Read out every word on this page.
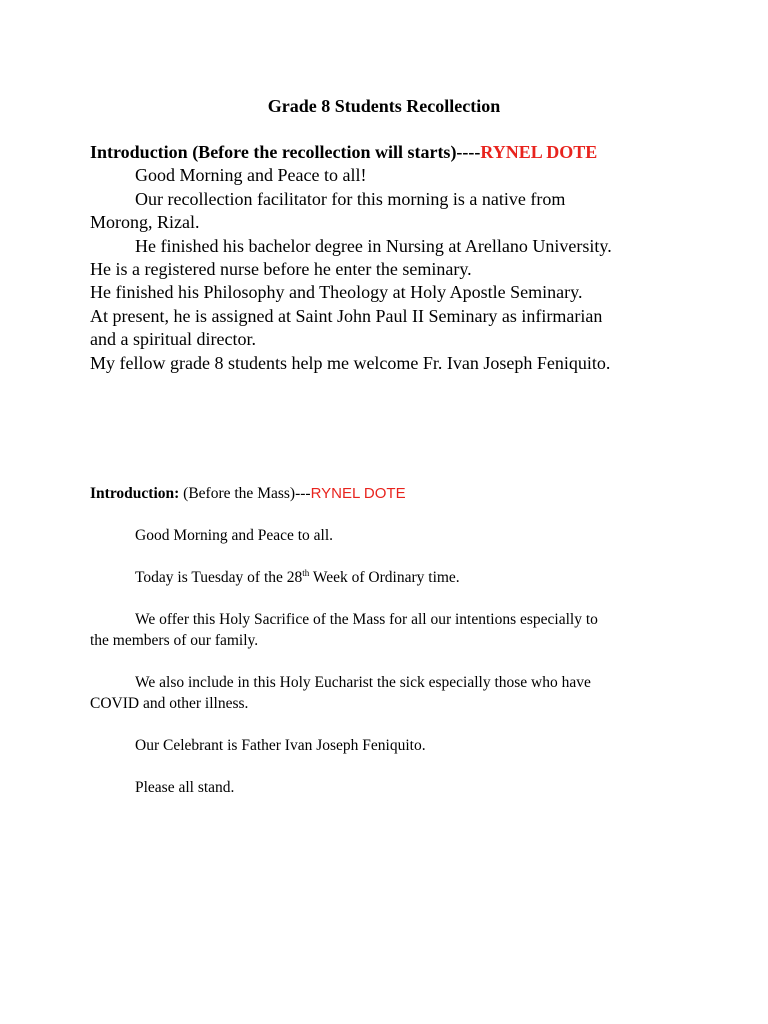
Grade 8 Students Recollection
Introduction (Before the recollection will starts)----RYNEL DOTE
Good Morning and Peace to all!
Our recollection facilitator for this morning is a native from
Morong, Rizal.
He finished his bachelor degree in Nursing at Arellano University.
He is a registered nurse before he enter the seminary.
He finished his Philosophy and Theology at Holy Apostle Seminary.
At present, he is assigned at Saint John Paul II Seminary as infirmarian
and a spiritual director.
My fellow grade 8 students help me welcome Fr. Ivan Joseph Feniquito.
Introduction: (Before the Mass)---RYNEL DOTE
Good Morning and Peace to all.
Today is Tuesday of the 28th Week of Ordinary time.
We offer this Holy Sacrifice of the Mass for all our intentions especially to
the members of our family.
We also include in this Holy Eucharist the sick especially those who have
COVID and other illness.
Our Celebrant is Father Ivan Joseph Feniquito.
Please all stand.
